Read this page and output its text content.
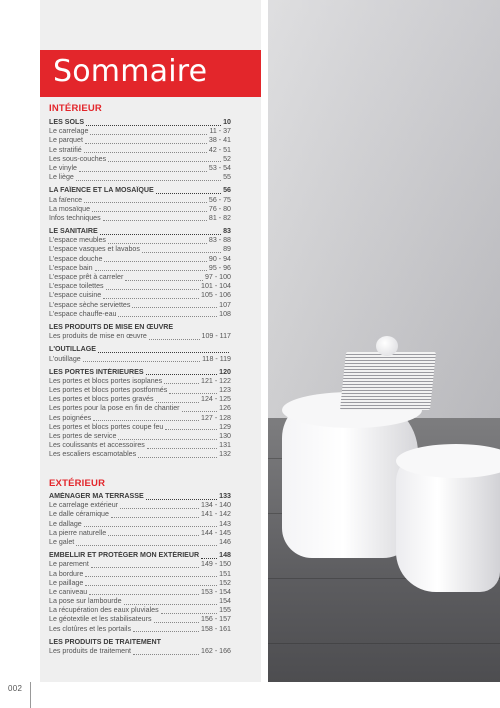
Sommaire
INTÉRIEUR
LES SOLS	10
Le carrelage	11 - 37
Le parquet	38 - 41
Le stratifié	42 - 51
Les sous-couches	52
Le vinyle	53 - 54
Le liège	55
LA FAÏENCE ET LA MOSAÏQUE	56
La faïence	56 - 75
La mosaïque	76 - 80
Infos techniques	81 - 82
LE SANITAIRE	83
L'espace meubles	83 - 88
L'espace vasques et lavabos	89
L'espace douche	90 - 94
L'espace bain	95 - 96
L'espace prêt à carreler	97 - 100
L'espace toilettes	101 - 104
L'espace cuisine	105 - 106
L'espace sèche serviettes	107
L'espace chauffe-eau	108
LES PRODUITS DE MISE EN ŒUVRE
Les produits de mise en œuvre	109 - 117
L'OUTILLAGE
L'outillage	118 - 119
LES PORTES INTÉRIEURES	120
Les portes et blocs portes isoplanes	121 - 122
Les portes et blocs portes postformés	123
Les portes et blocs portes gravés	124 - 125
Les portes pour la pose en fin de chantier	126
Les poignées	127 - 128
Les portes et blocs portes coupe feu	129
Les portes de service	130
Les coulissants et accessoires	131
Les escaliers escamotables	132
EXTÉRIEUR
AMÉNAGER MA TERRASSE	133
Le carrelage extérieur	134 - 140
Le dalle céramique	141 - 142
Le dallage	143
La pierre naturelle	144 - 145
Le galet	146
EMBELLIR ET PROTÉGER MON EXTÉRIEUR	148
Le parement	149 - 150
La bordure	151
Le paillage	152
Le caniveau	153 - 154
La pose sur lambourde	154
La récupération des eaux pluviales	155
Le géotextile et les stabilisateurs	156 - 157
Les clotûres et les portails	158 - 161
LES PRODUITS DE TRAITEMENT
Les produits de traitement	162 - 166
002
